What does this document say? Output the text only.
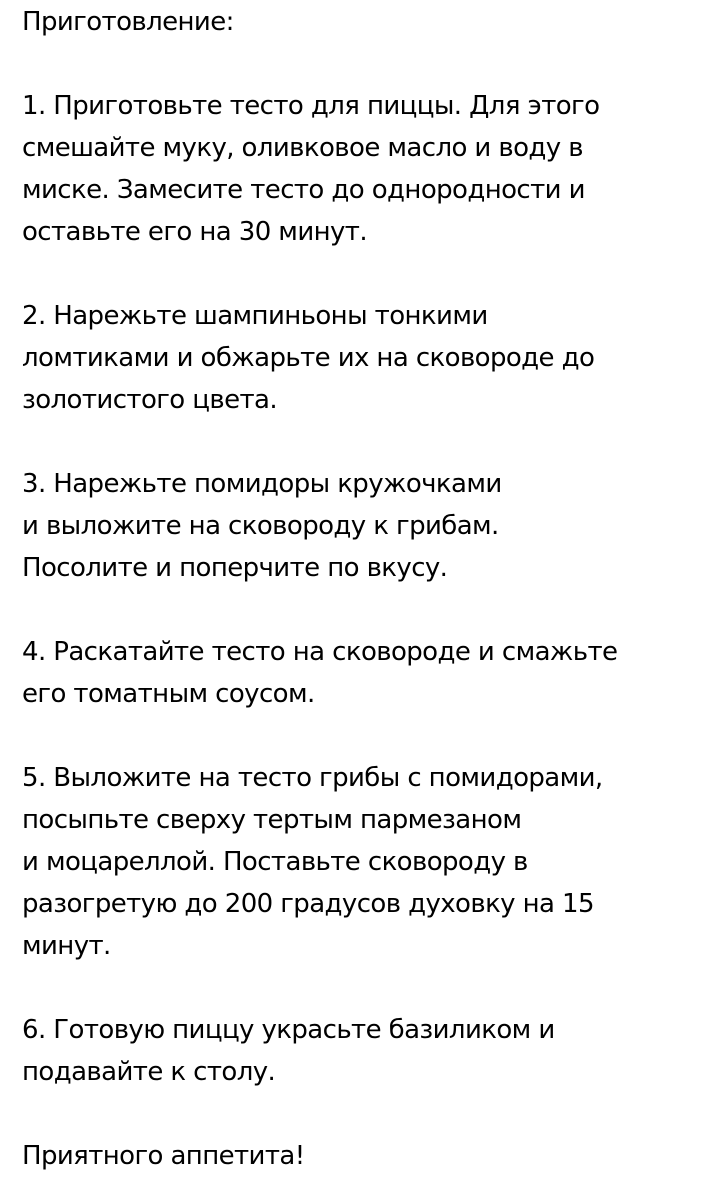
Приготовление:
1. Приготовьте тесто для пиццы. Для этого
смешайте муку, оливковое масло и воду в
миске. Замесите тесто до однородности и
оставьте его на 30 минут.
2. Нарежьте шампиньоны тонкими
ломтиками и обжарьте их на сковороде до
золотистого цвета.
3. Нарежьте помидоры кружочками
и выложите на сковороду к грибам.
Посолите и поперчите по вкусу.
4. Раскатайте тесто на сковороде и смажьте
его томатным соусом.
5. Выложите на тесто грибы с помидорами,
посыпьте сверху тертым пармезаном
и моцареллой. Поставьте сковороду в
разогретую до 200 градусов духовку на 15
минут.
6. Готовую пиццу украсьте базиликом и
подавайте к столу.
Приятного аппетита!
